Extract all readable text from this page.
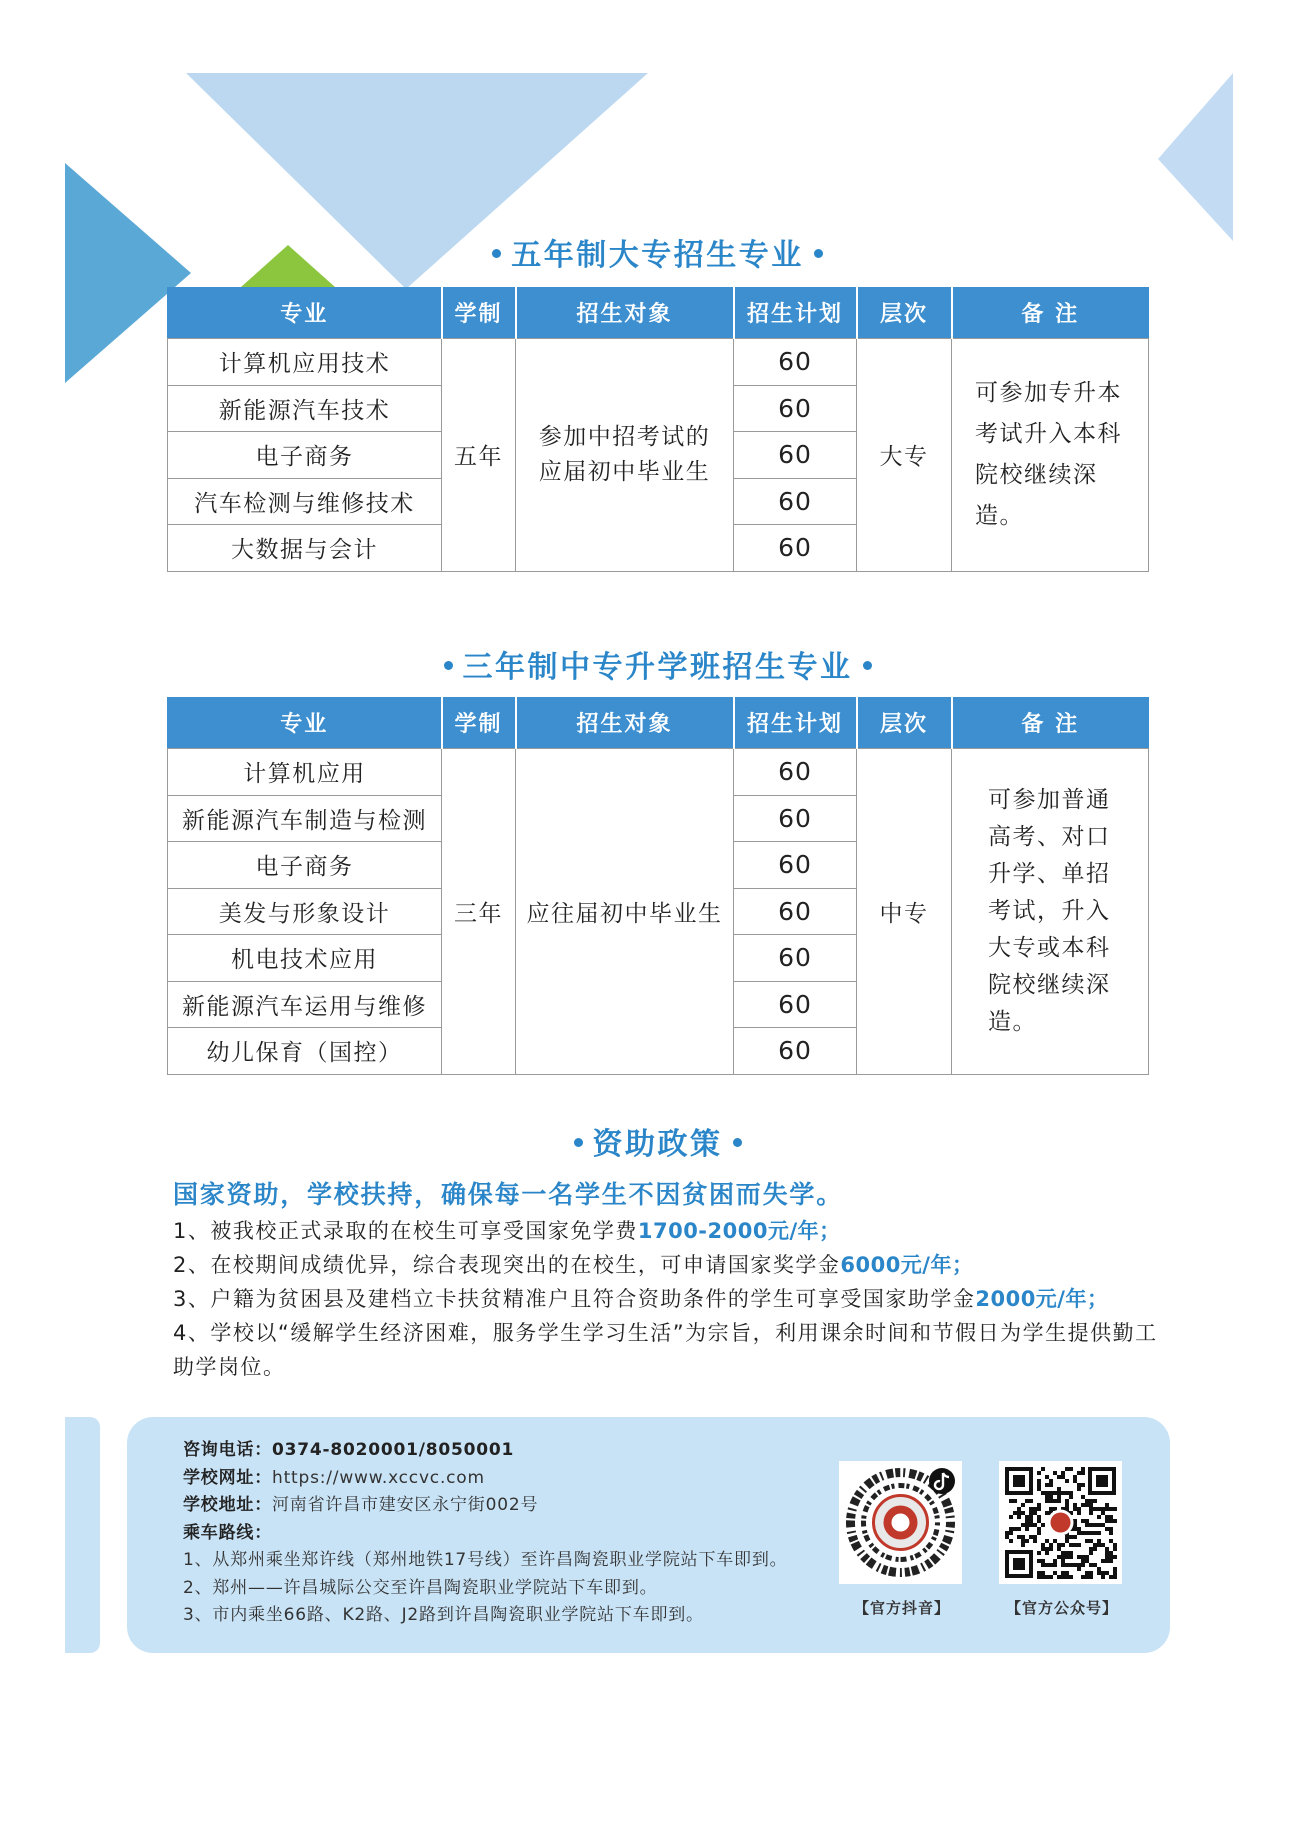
五年制大专招生专业
专业	学制	招生对象	招生计划	层次	备 注
计算机应用技术	五年	参加中招考试的应届初中毕业生	60	大专	可参加专升本考试升入本科院校继续深造。

新能源汽车技术			60		
电子商务			60		
汽车检测与维修技术			60		
大数据与会计			60		
三年制中专升学班招生专业
专业	学制	招生对象	招生计划	层次	备 注
计算机应用	三年	应往届初中毕业生	60	中专	可参加普通高考、对口升学、单招考试，升入大专或本科院校继续深造。

新能源汽车制造与检测			60		
电子商务			60		
美发与形象设计			60		
机电技术应用			60		
新能源汽车运用与维修			60		
幼儿保育（国控）			60		
资助政策
国家资助，学校扶持，确保每一名学生不因贫困而失学。

1、被我校正式录取的在校生可享受国家免学费1700-2000元/年；

2、在校期间成绩优异，综合表现突出的在校生，可申请国家奖学金6000元/年；

3、户籍为贫困县及建档立卡扶贫精准户且符合资助条件的学生可享受国家助学金2000元/年；

4、学校以“缓解学生经济困难，服务学生学习生活”为宗旨，利用课余时间和节假日为学生提供勤工助学岗位。

咨询电话：0374-8020001/8050001
学校网址：https://www.xccvc.com
学校地址：河南省许昌市建安区永宁街002号
乘车路线：
1、从郑州乘坐郑许线（郑州地铁17号线）至许昌陶瓷职业学院站下车即到。
2、郑州——许昌城际公交至许昌陶瓷职业学院站下车即到。
3、市内乘坐66路、K2路、J2路到许昌陶瓷职业学院站下车即到。	【官方抖音】	【官方公众号】
